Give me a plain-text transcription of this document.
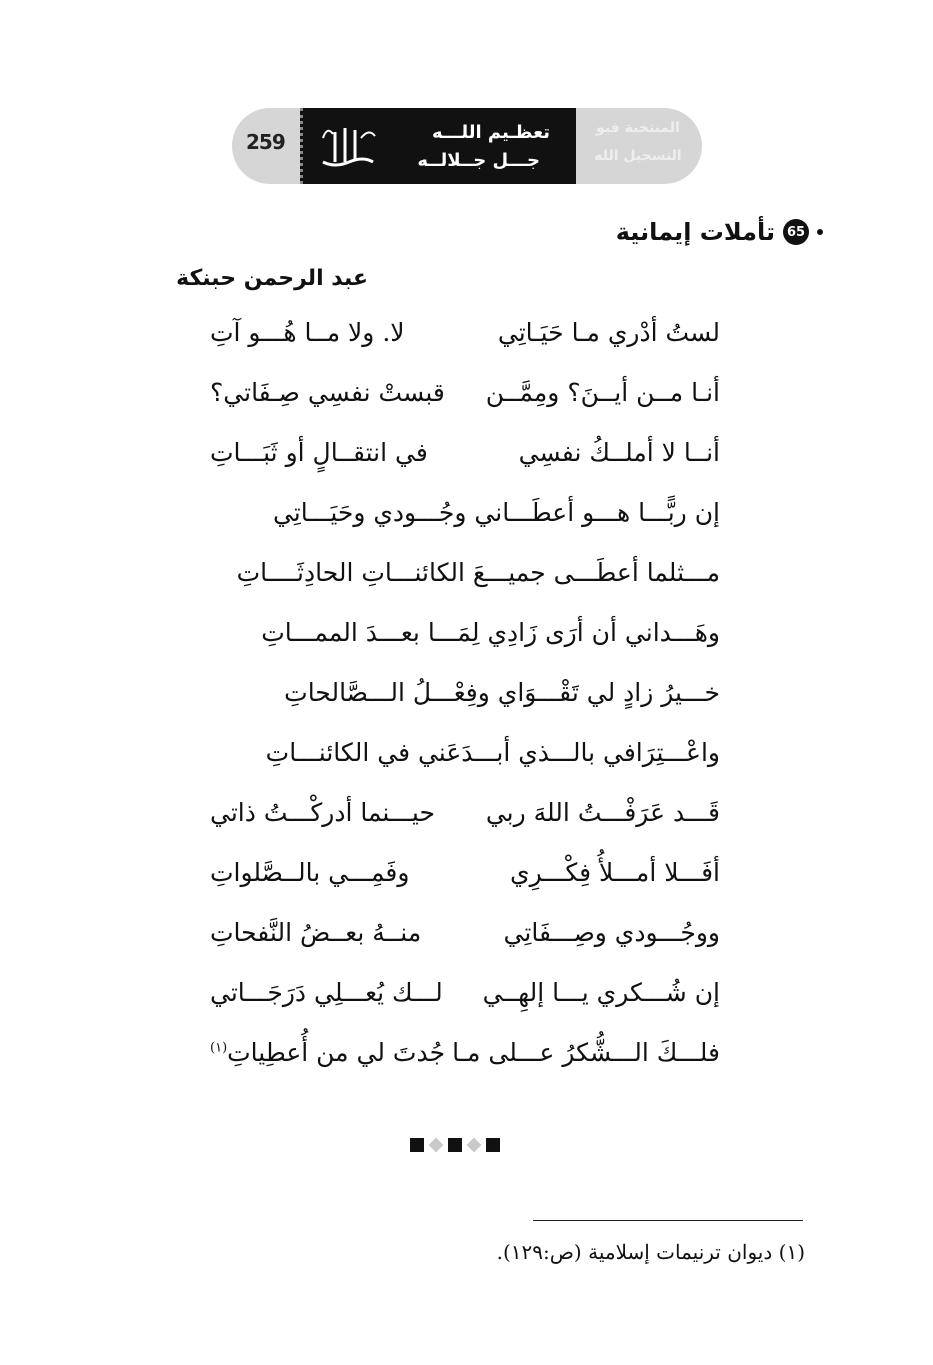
259	تعظـيم اللـــه
جـــل جــلالــه
المنتخبة فيو
التسجيل الله
65
تأملات إيمانية
عبد الرحمن حبنكة
لستُ أدْري مـا حَيَـاتِي
لا. ولا مــا هُـــو آتِ
أنـا مــن أيــنَ؟ ومِمَّــن
قبستْ نفسِي صِـفَاتي؟
أنــا لا أملــكُ نفسِي
في انتقــالٍ أو ثَبَـــاتِ
إن ربًّـــا هـــو أعطَـــاني وجُـــودي وحَيَـــاتِي
مـــثلما أعطَـــى جميـــعَ الكائنـــاتِ الحادِثَــــاتِ
وهَـــداني أن أرَى زَادِي لِمَـــا بعـــدَ الممـــاتِ
خـــيرُ زادٍ لي تَقْـــوَاي وفِعْـــلُ الـــصَّالحاتِ
واعْـــتِرَافي بالـــذي أبـــدَعَني في الكائنـــاتِ
قَـــد عَرَفْـــتُ اللهَ ربي
حيـــنما أدركْـــتُ ذاتي
أفَـــلا أمـــلأُ فِكْـــرِي
وفَمِـــي بالــصَّلواتِ
ووجُـــودي وصِـــفَاتِي
منــهُ بعــضُ النَّفحاتِ
إن شُـــكري يـــا إلهِــي
لـــك يُعـــلِي دَرَجَـــاتي
فلـــكَ الـــشُّكرُ عـــلى مـا
جُدتَ لي من أُعطِياتِ$^{(١)}$
(١) ديوان ترنيمات إسلامية (ص:١٢٩).
